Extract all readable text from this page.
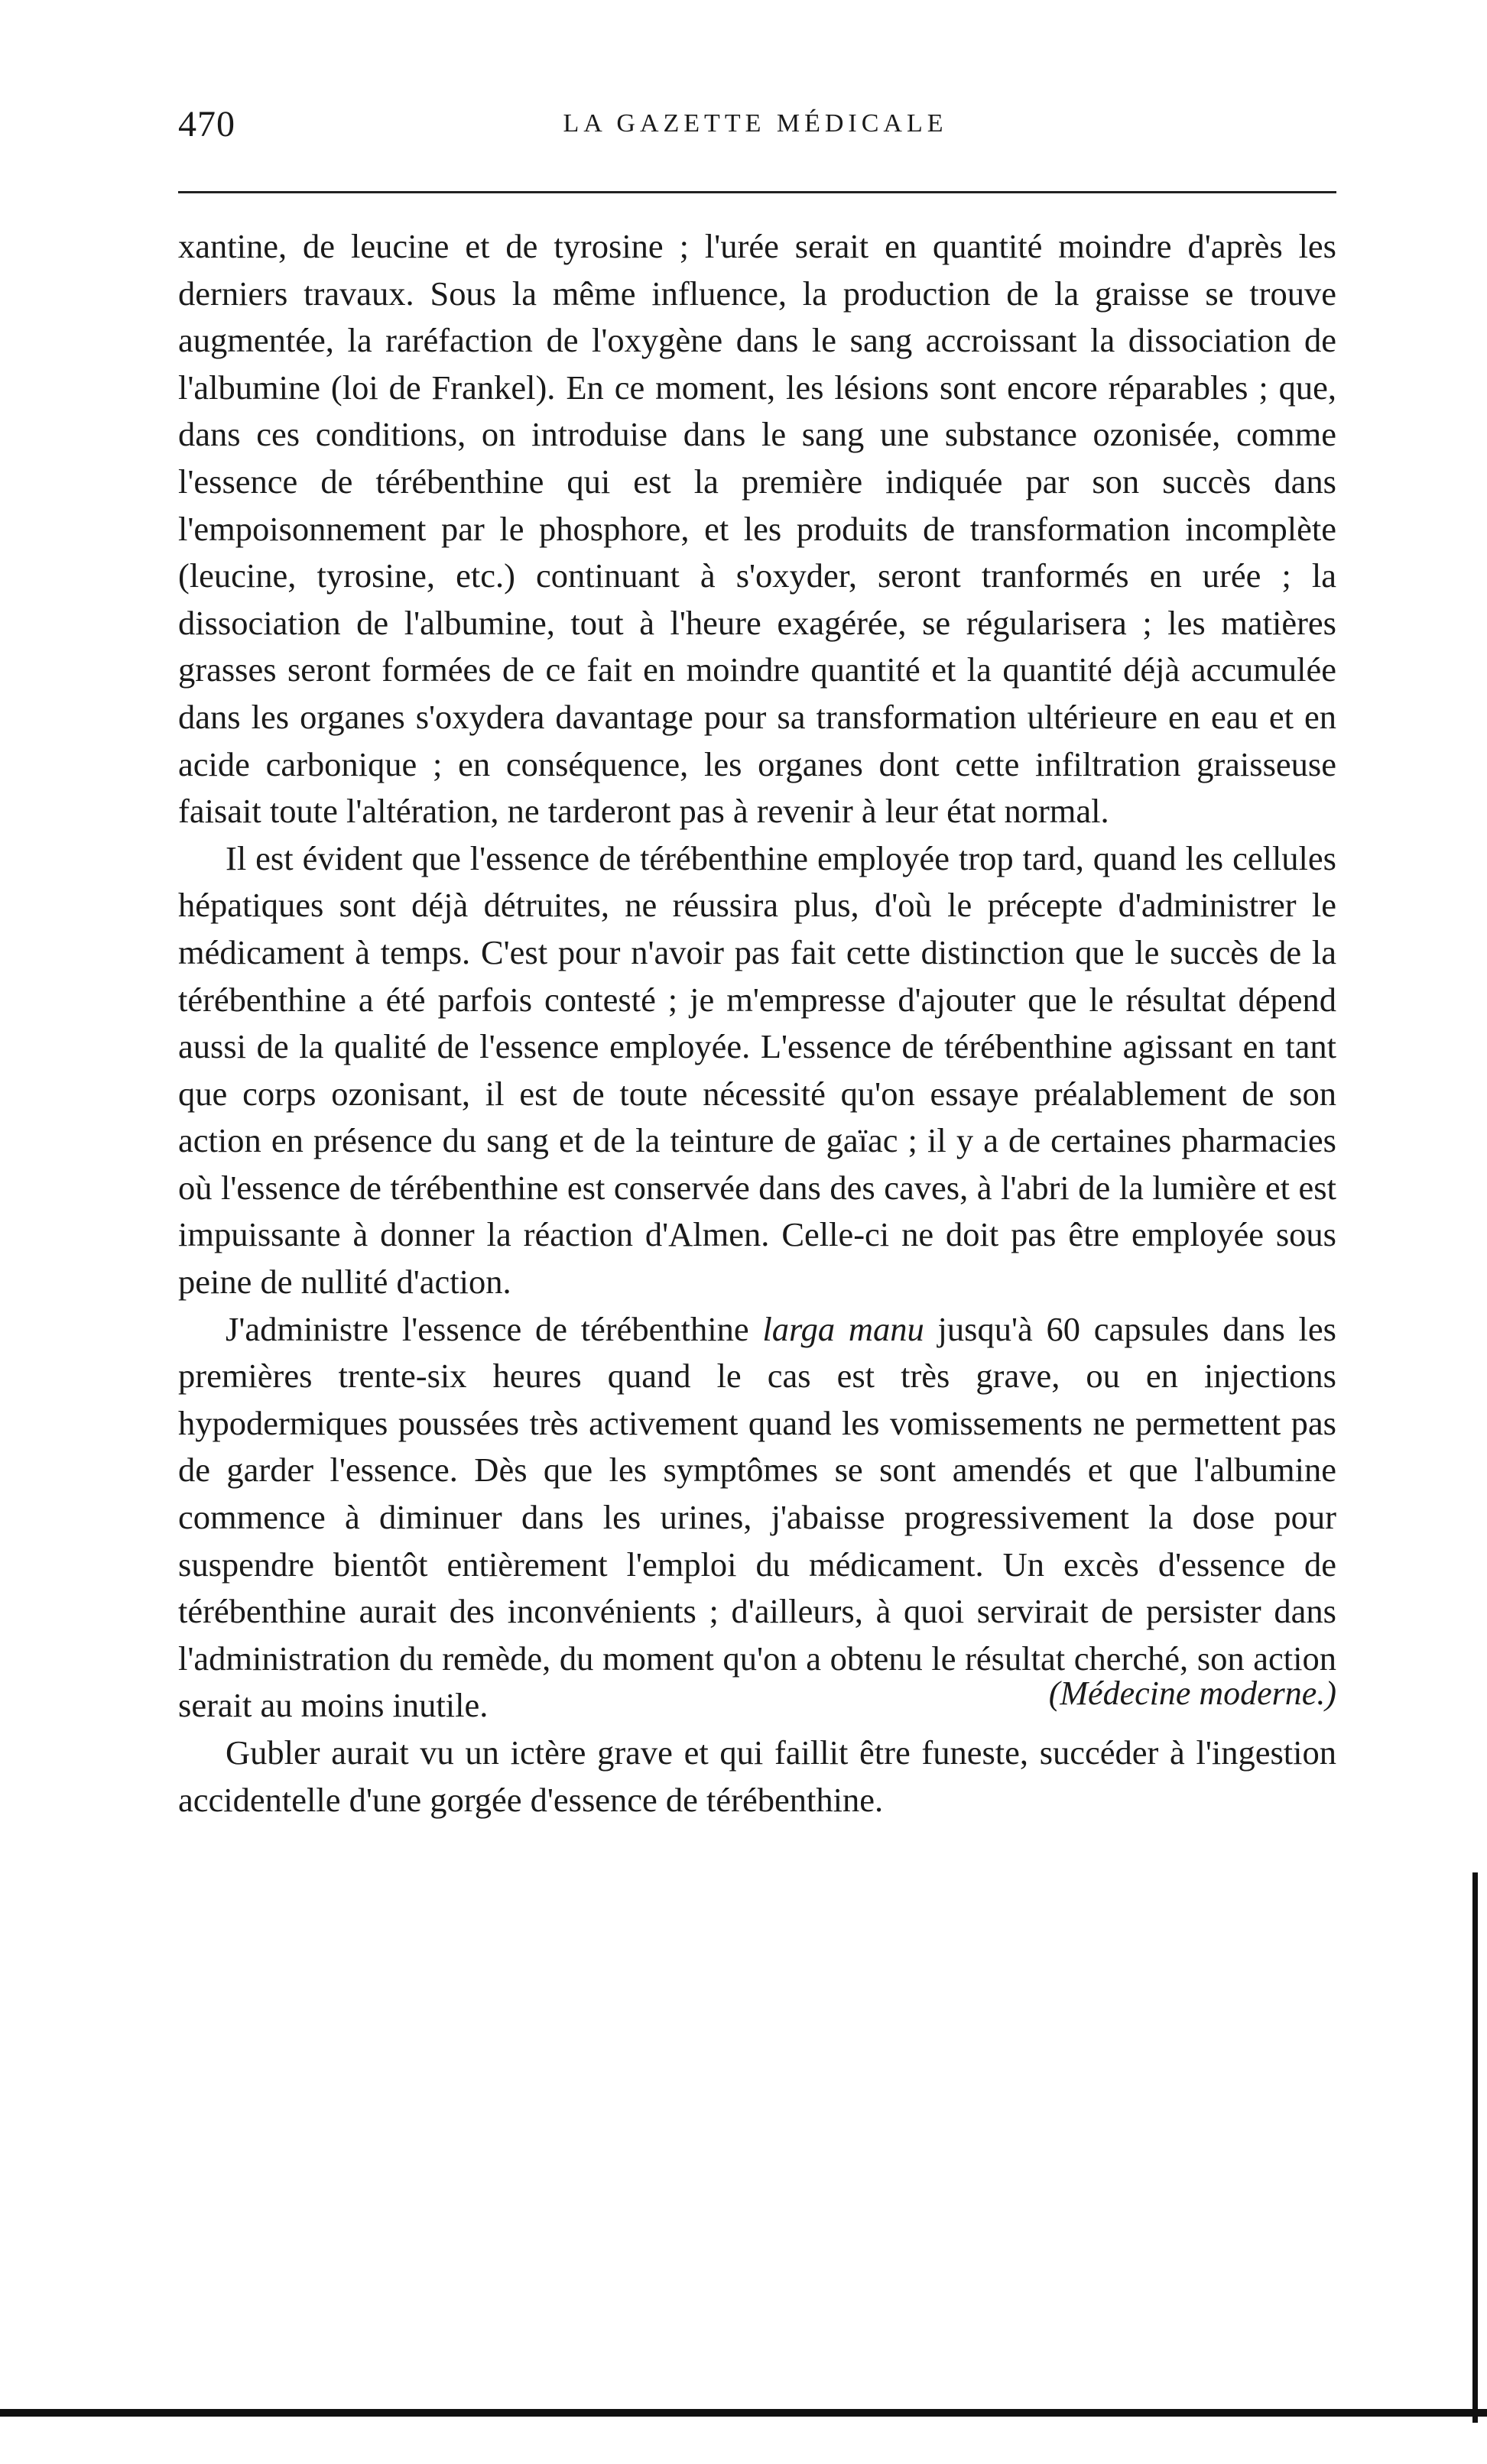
470	LA GAZETTE MÉDICALE

xantine, de leucine et de tyrosine ; l'urée serait en quantité moindre d'après les derniers travaux. Sous la même influence, la production de la graisse se trouve augmentée, la raréfaction de l'oxygène dans le sang accroissant la dissociation de l'albumine (loi de Frankel). En ce moment, les lésions sont encore réparables ; que, dans ces conditions, on introduise dans le sang une substance ozonisée, comme l'essence de térébenthine qui est la première indiquée par son succès dans l'empoisonnement par le phosphore, et les produits de transformation incomplète (leucine, tyrosine, etc.) continuant à s'oxyder, seront tranformés en urée ; la dissociation de l'albumine, tout à l'heure exagérée, se régularisera ; les matières grasses seront formées de ce fait en moindre quantité et la quantité déjà accumulée dans les organes s'oxydera davantage pour sa transformation ultérieure en eau et en acide carbonique ; en conséquence, les organes dont cette infiltration graisseuse faisait toute l'altération, ne tarderont pas à revenir à leur état normal.

Il est évident que l'essence de térébenthine employée trop tard, quand les cellules hépatiques sont déjà détruites, ne réussira plus, d'où le précepte d'administrer le médicament à temps. C'est pour n'avoir pas fait cette distinction que le succès de la térébenthine a été parfois contesté ; je m'empresse d'ajouter que le résultat dépend aussi de la qualité de l'essence employée. L'essence de térébenthine agissant en tant que corps ozonisant, il est de toute nécessité qu'on essaye préalablement de son action en présence du sang et de la teinture de gaïac ; il y a de certaines pharmacies où l'essence de térébenthine est conservée dans des caves, à l'abri de la lumière et est impuissante à donner la réaction d'Almen. Celle-ci ne doit pas être employée sous peine de nullité d'action.

J'administre l'essence de térébenthine larga manu jusqu'à 60 capsules dans les premières trente-six heures quand le cas est très grave, ou en injections hypodermiques poussées très activement quand les vomissements ne permettent pas de garder l'essence. Dès que les symptômes se sont amendés et que l'albumine commence à diminuer dans les urines, j'abaisse progressivement la dose pour suspendre bientôt entièrement l'emploi du médicament. Un excès d'essence de térébenthine aurait des inconvénients ; d'ailleurs, à quoi servirait de persister dans l'administration du remède, du moment qu'on a obtenu le résultat cherché, son action serait au moins inutile.

Gubler aurait vu un ictère grave et qui faillit être funeste, succéder à l'ingestion accidentelle d'une gorgée d'essence de térébenthine.

(Médecine moderne.)
